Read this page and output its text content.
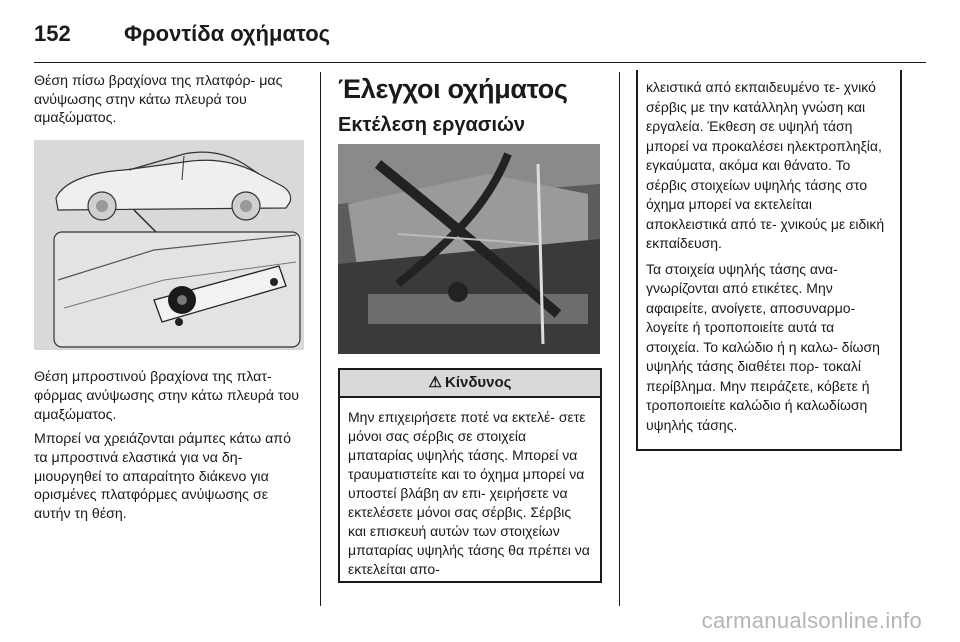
152	Φροντίδα οχήματος

Θέση πίσω βραχίονα της πλατφόρ- μας ανύψωσης στην κάτω πλευρά του αμαξώματος.

Θέση μπροστινού βραχίονα της πλατ- φόρμας ανύψωσης στην κάτω πλευρά του αμαξώματος.

Μπορεί να χρειάζονται ράμπες κάτω από τα μπροστινά ελαστικά για να δη- μιουργηθεί το απαραίτητο διάκενο για ορισμένες πλατφόρμες ανύψωσης σε αυτήν τη θέση.

Έλεγχοι οχήματος
Εκτέλεση εργασιών
⚠ Κίνδυνος
Μην επιχειρήσετε ποτέ να εκτελέ- σετε μόνοι σας σέρβις σε στοιχεία μπαταρίας υψηλής τάσης. Μπορεί να τραυματιστείτε και το όχημα μπορεί να υποστεί βλάβη αν επι- χειρήσετε να εκτελέσετε μόνοι σας σέρβις. Σέρβις και επισκευή αυτών των στοιχείων μπαταρίας υψηλής τάσης θα πρέπει να εκτελείται απο-

κλειστικά από εκπαιδευμένο τε- χνικό σέρβις με την κατάλληλη γνώση και εργαλεία. Έκθεση σε υψηλή τάση μπορεί να προκαλέσει ηλεκτροπληξία, εγκαύματα, ακόμα και θάνατο. Το σέρβις στοιχείων υψηλής τάσης στο όχημα μπορεί να εκτελείται αποκλειστικά από τε- χνικούς με ειδική εκπαίδευση.

Τα στοιχεία υψηλής τάσης ανα- γνωρίζονται από ετικέτες. Μην αφαιρείτε, ανοίγετε, αποσυναρμο- λογείτε ή τροποποιείτε αυτά τα στοιχεία. Το καλώδιο ή η καλω- δίωση υψηλής τάσης διαθέτει πορ- τοκαλί περίβλημα. Μην πειράζετε, κόβετε ή τροποποιείτε καλώδιο ή καλωδίωση υψηλής τάσης.

carmanualsonline.info
